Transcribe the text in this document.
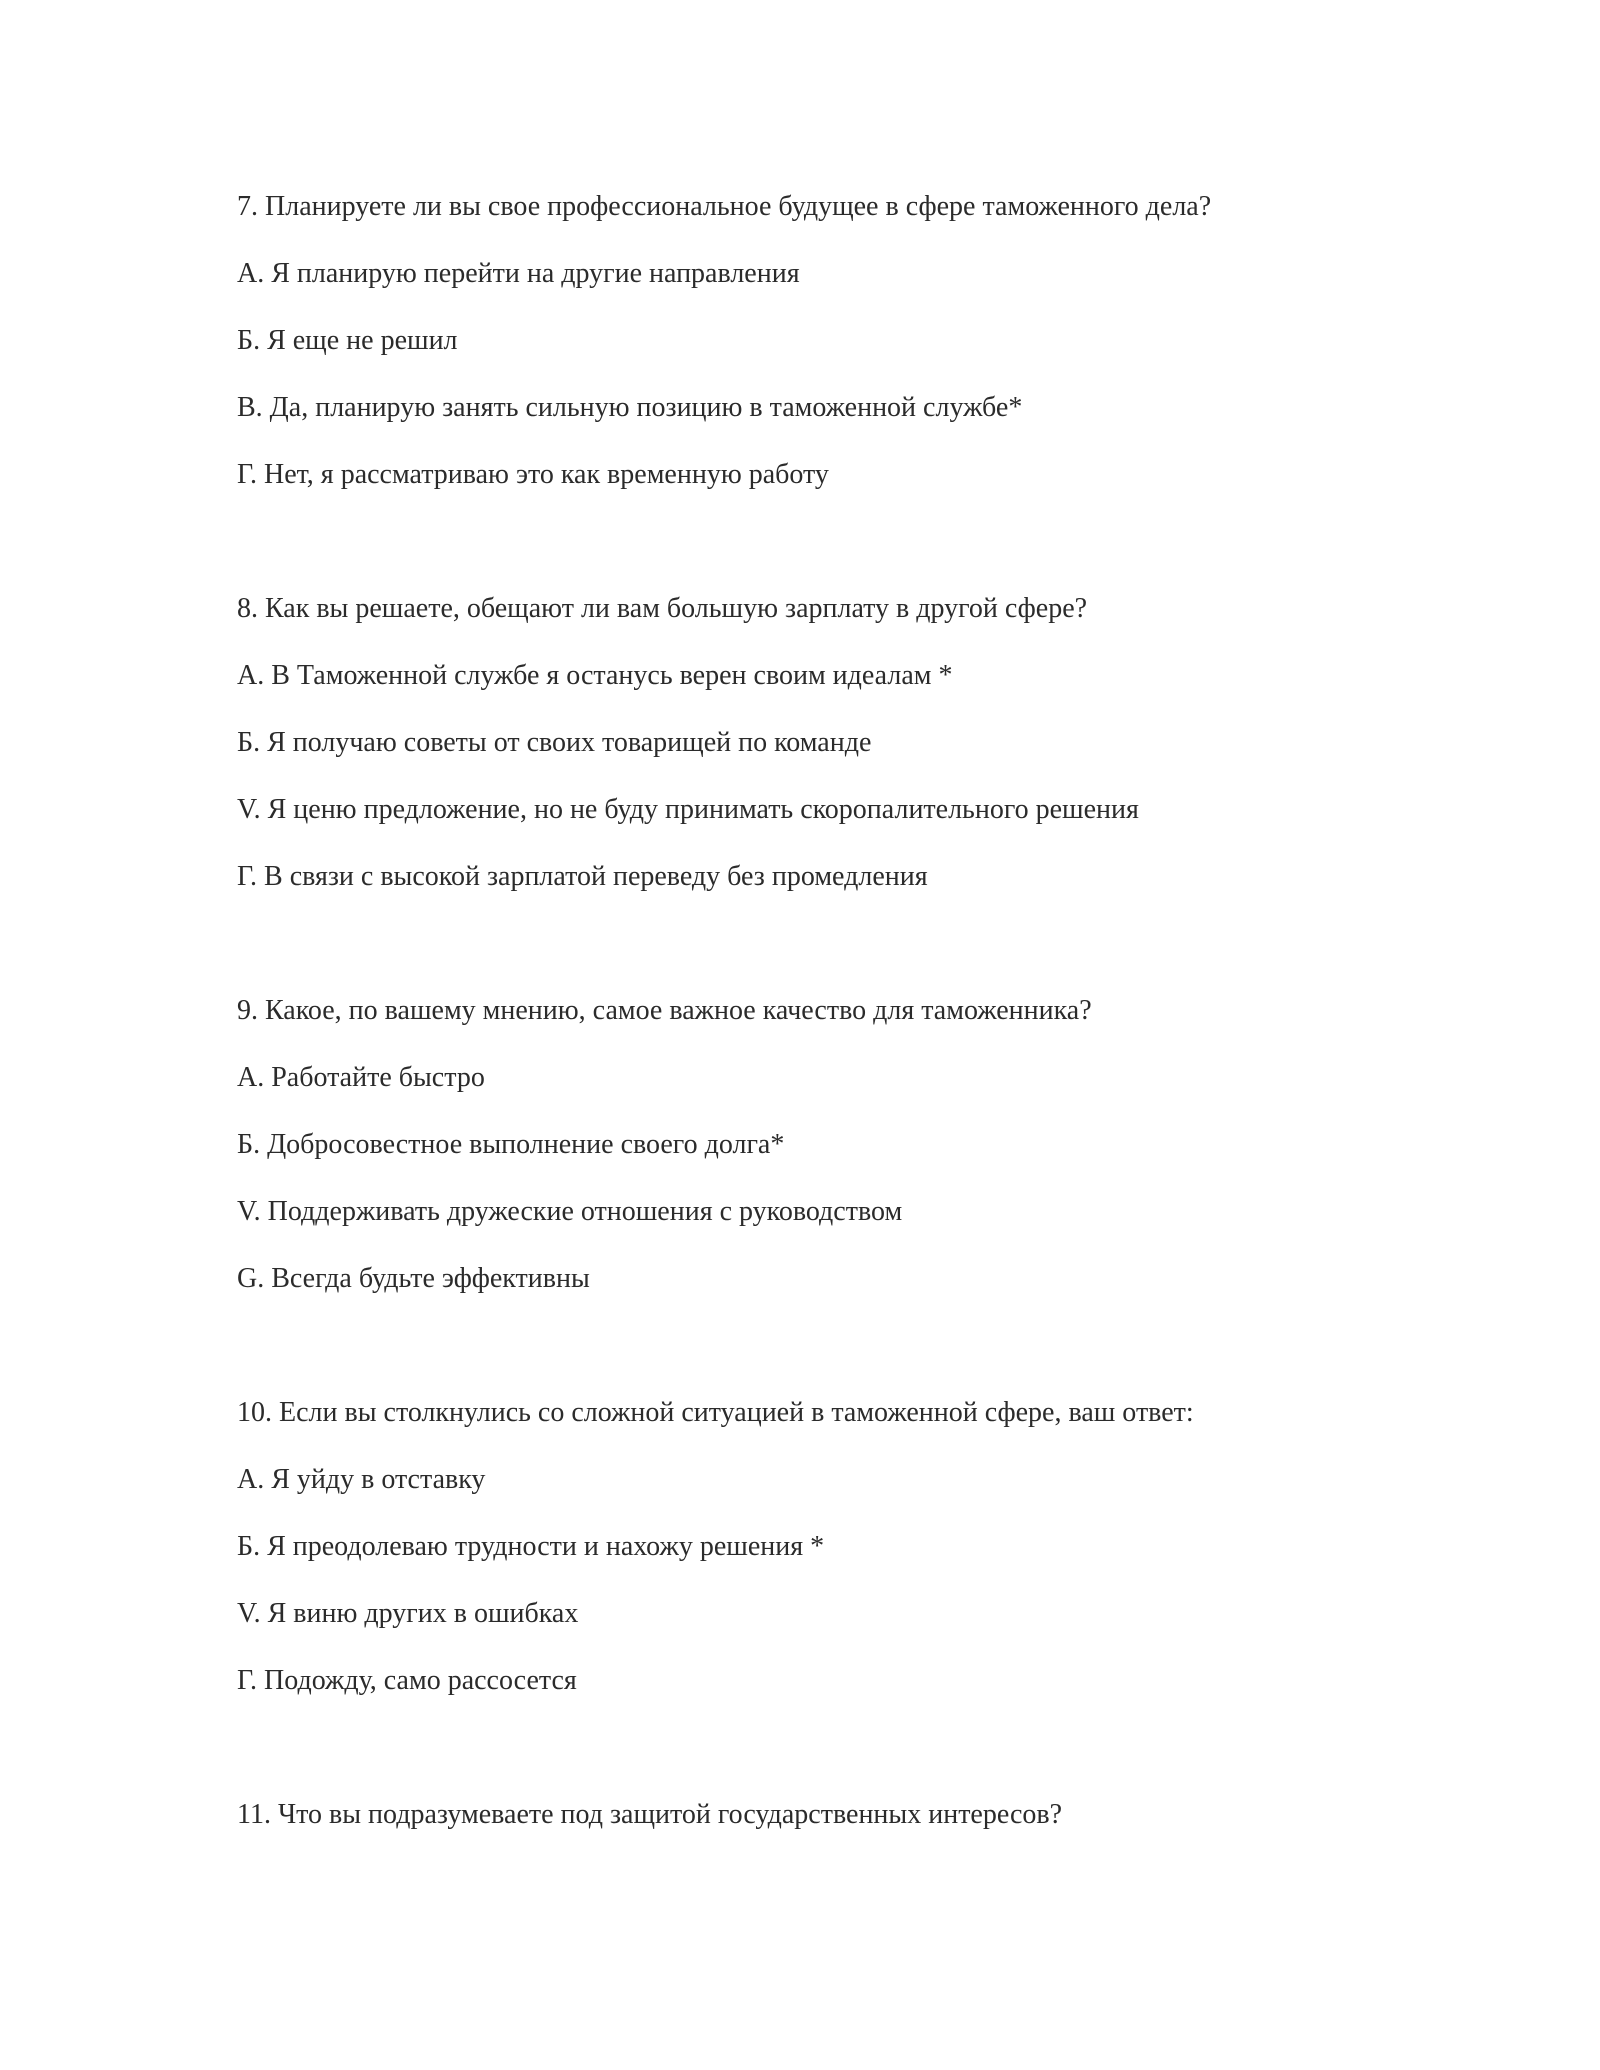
7. Планируете ли вы свое профессиональное будущее в сфере таможенного дела?

А. Я планирую перейти на другие направления

Б. Я еще не решил

В. Да, планирую занять сильную позицию в таможенной службе*

Г. Нет, я рассматриваю это как временную работу

8. Как вы решаете, обещают ли вам большую зарплату в другой сфере?

А. В Таможенной службе я останусь верен своим идеалам *

Б. Я получаю советы от своих товарищей по команде

V. Я ценю предложение, но не буду принимать скоропалительного решения

Г. В связи с высокой зарплатой переведу без промедления

9. Какое, по вашему мнению, самое важное качество для таможенника?

А. Работайте быстро

Б. Добросовестное выполнение своего долга*

V. Поддерживать дружеские отношения с руководством

G. Всегда будьте эффективны

10. Если вы столкнулись со сложной ситуацией в таможенной сфере, ваш ответ:

А. Я уйду в отставку

Б. Я преодолеваю трудности и нахожу решения *

V. Я виню других в ошибках

Г. Подожду, само рассосется

11. Что вы подразумеваете под защитой государственных интересов?
